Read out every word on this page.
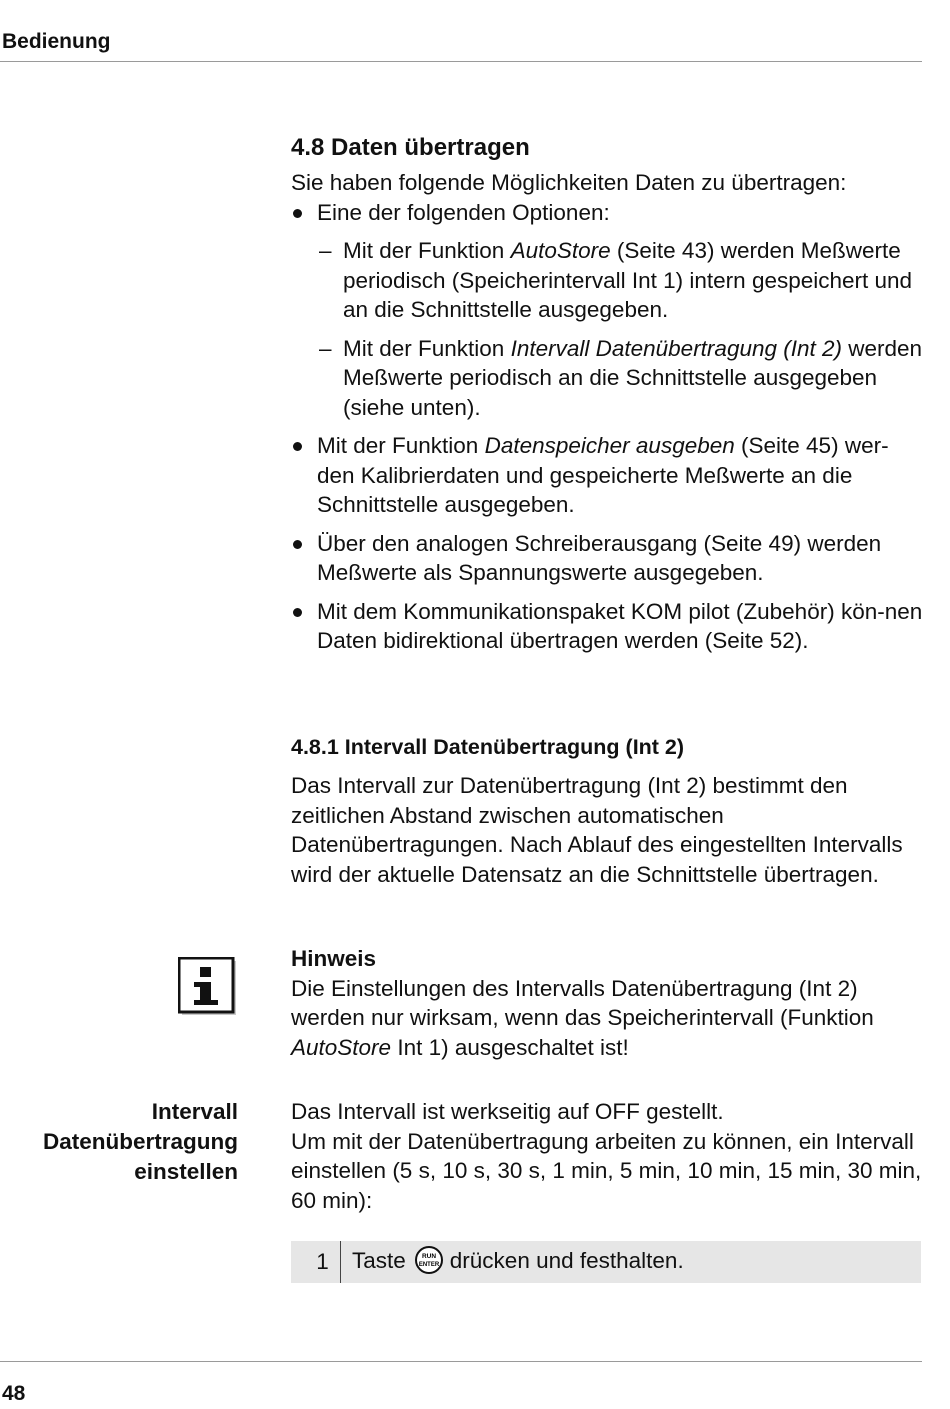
Bedienung
4.8 Daten übertragen

Sie haben folgende Möglichkeiten Daten zu übertragen:

Eine der folgenden Optionen:
– Mit der Funktion AutoStore (Seite 43) werden Meßwerte periodisch (Speicherintervall Int 1) intern gespeichert und an die Schnittstelle ausgegeben.
– Mit der Funktion Intervall Datenübertragung (Int 2) werden Meßwerte periodisch an die Schnittstelle ausgegeben (siehe unten).
Mit der Funktion Datenspeicher ausgeben (Seite 45) wer-den Kalibrierdaten und gespeicherte Meßwerte an die Schnittstelle ausgegeben.
Über den analogen Schreiberausgang (Seite 49) werden Meßwerte als Spannungswerte ausgegeben.
Mit dem Kommunikationspaket KOM pilot (Zubehör) kön-nen Daten bidirektional übertragen werden (Seite 52).
4.8.1 Intervall Datenübertragung (Int 2)

Das Intervall zur Datenübertragung (Int 2) bestimmt den zeitlichen Abstand zwischen automatischen Datenübertragungen. Nach Ablauf des eingestellten Intervalls wird der aktuelle Datensatz an die Schnittstelle übertragen.

Hinweis

Die Einstellungen des Intervalls Datenübertragung (Int 2) werden nur wirksam, wenn das Speicherintervall (Funktion AutoStore Int 1) ausgeschaltet ist!

Intervall
Datenübertragung
einstellen

Das Intervall ist werkseitig auf OFF gestellt.

Um mit der Datenübertragung arbeiten zu können, ein Intervall einstellen (5 s, 10 s, 30 s, 1 min, 5 min, 10 min, 15 min, 30 min, 60 min):

1	Taste RUN
ENTER drücken und festhalten.
48
